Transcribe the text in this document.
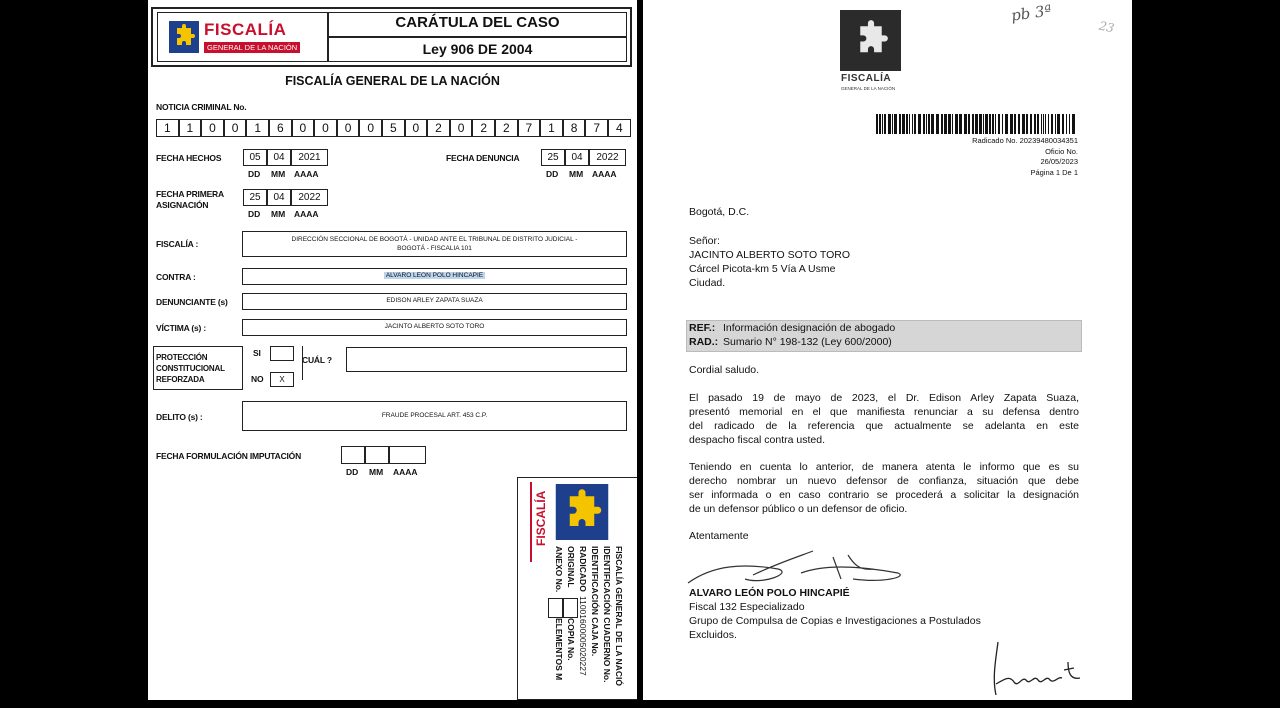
FISCALÍA
GENERAL DE LA NACIÓN
CARÁTULA DEL CASO
Ley 906 DE 2004
FISCALÍA GENERAL DE LA NACIÓN
NOTICIA CRIMINAL No.
1	1	0	0	1	6	0	0	0	0	5	0	2	0	2	2	7	1	8	7	4
FECHA HECHOS	05	04	2021
DD MM AAAA
FECHA DENUNCIA	25	04	2022
DD MM AAAA
FECHA PRIMERA
ASIGNACIÓN
25	04	2022
DD MM AAAA
FISCALÍA :	DIRECCIÓN SECCIONAL DE BOGOTÁ - UNIDAD ANTE EL TRIBUNAL DE DISTRITO JUDICIAL -
BOGOTÁ - FISCALIA 101
CONTRA :	ALVARO LEON POLO HINCAPIE
DENUNCIANTE (s)	EDISON ARLEY ZAPATA SUAZA
VÍCTIMA (s) :	JACINTO ALBERTO SOTO TORO
PROTECCIÓN
CONSTITUCIONAL
REFORZADA
SI
NO	X
CUÁL ?
DELITO (s) :	FRAUDE PROCESAL ART. 453 C.P.
FECHA FORMULACIÓN IMPUTACIÓN
DD MM AAAA
FISCALÍA
FISCALÍA GENERAL DE LA NACIÓ
IDENTIFICACIÓN CUADERNO No.
IDENTIFICACIÓN CAJA No.
RADICADO
11001600005020227
ORIGINAL
COPIA No.
ANEXO No.
ELEMENTOS M
pb 3ª
23
FISCALÍA
GENERAL DE LA NACIÓN
Radicado No. 20239480034351
Oficio No.
26/05/2023
Página 1 De 1
Bogotá, D.C.
Señor:
JACINTO ALBERTO SOTO TORO
Cárcel Picota-km 5 Vía A Usme
Ciudad.
REF.: Información designación de abogado
RAD.: Sumario N° 198-132 (Ley 600/2000)
Cordial saludo.
El pasado 19 de mayo de 2023, el Dr. Edison Arley Zapata Suaza,
presentó memorial en el que manifiesta renunciar a su defensa dentro
del radicado de la referencia que actualmente se adelanta en este
despacho fiscal contra usted.
Teniendo en cuenta lo anterior, de manera atenta le informo que es su
derecho nombrar un nuevo defensor de confianza, situación que debe
ser informada o en caso contrario se procederá a solicitar la designación
de un defensor público o un defensor de oficio.
Atentamente
ALVARO LEÓN POLO HINCAPIÉ
Fiscal 132 Especializado
Grupo de Compulsa de Copias e Investigaciones a Postulados
Excluidos.
